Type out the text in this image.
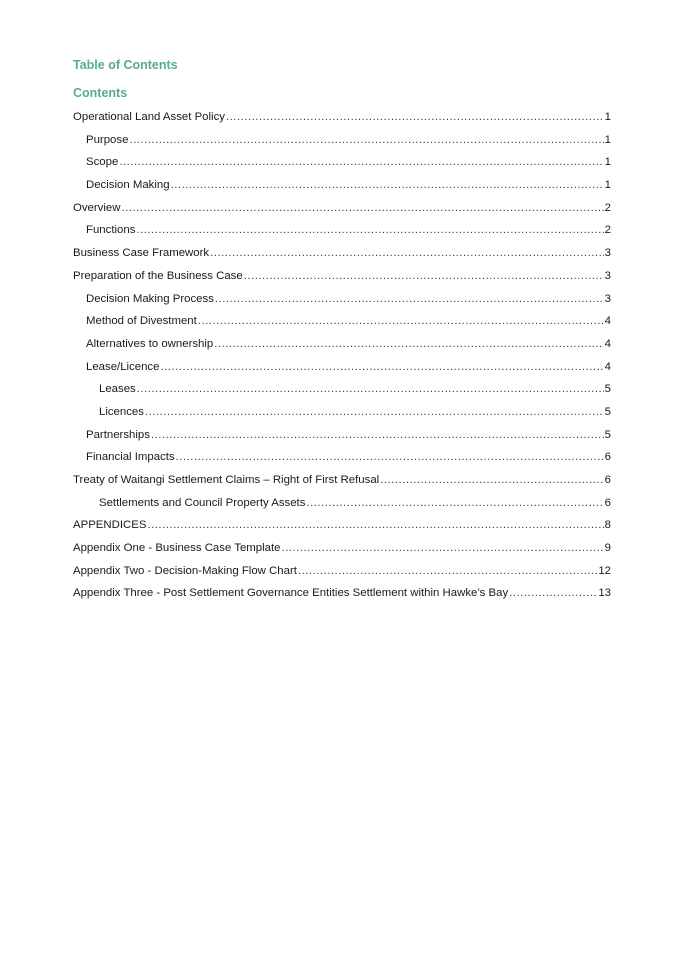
Table of Contents
Contents
Operational Land Asset Policy .....	1
Purpose .....	1
Scope .....	1
Decision Making .....	1
Overview .....	2
Functions .....	2
Business Case Framework .....	3
Preparation of the Business Case .....	3
Decision Making Process .....	3
Method of Divestment .....	4
Alternatives to ownership .....	4
Lease/Licence .....	4
Leases .....	5
Licences .....	5
Partnerships .....	5
Financial Impacts .....	6
Treaty of Waitangi Settlement Claims – Right of First Refusal .....	6
Settlements and Council Property Assets .....	6
APPENDICES .....	8
Appendix One - Business Case Template .....	9
Appendix Two - Decision-Making Flow Chart .....	12
Appendix Three - Post Settlement Governance Entities Settlement within Hawke’s Bay .....	13
